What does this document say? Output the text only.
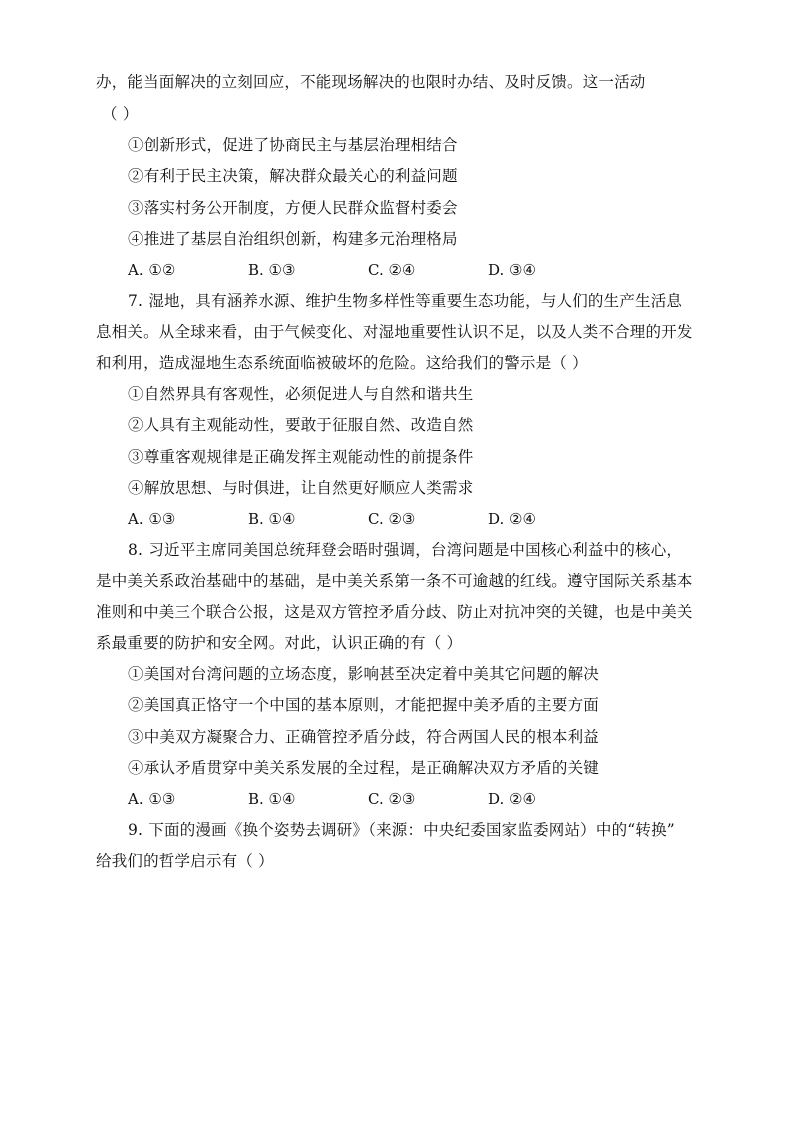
办，能当面解决的立刻回应，不能现场解决的也限时办结、及时反馈。这一活动
（ ）
①创新形式，促进了协商民主与基层治理相结合
②有利于民主决策，解决群众最关心的利益问题
③落实村务公开制度，方便人民群众监督村委会
④推进了基层自治组织创新，构建多元治理格局
A. ①②	B. ①③	C. ②④	D. ③④
7. 湿地，具有涵养水源、维护生物多样性等重要生态功能，与人们的生产生活息
息相关。从全球来看，由于气候变化、对湿地重要性认识不足，以及人类不合理的开发
和利用，造成湿地生态系统面临被破坏的危险。这给我们的警示是（ ）
①自然界具有客观性，必须促进人与自然和谐共生
②人具有主观能动性，要敢于征服自然、改造自然
③尊重客观规律是正确发挥主观能动性的前提条件
④解放思想、与时俱进，让自然更好顺应人类需求
A. ①③	B. ①④	C. ②③	D. ②④
8. 习近平主席同美国总统拜登会晤时强调，台湾问题是中国核心利益中的核心，
是中美关系政治基础中的基础，是中美关系第一条不可逾越的红线。遵守国际关系基本
准则和中美三个联合公报，这是双方管控矛盾分歧、防止对抗冲突的关键，也是中美关
系最重要的防护和安全网。对此，认识正确的有（ ）
①美国对台湾问题的立场态度，影响甚至决定着中美其它问题的解决
②美国真正恪守一个中国的基本原则，才能把握中美矛盾的主要方面
③中美双方凝聚合力、正确管控矛盾分歧，符合两国人民的根本利益
④承认矛盾贯穿中美关系发展的全过程，是正确解决双方矛盾的关键
A. ①③	B. ①④	C. ②③	D. ②④
9. 下面的漫画《换个姿势去调研》（来源：中央纪委国家监委网站）中的“转换”
给我们的哲学启示有（ ）
